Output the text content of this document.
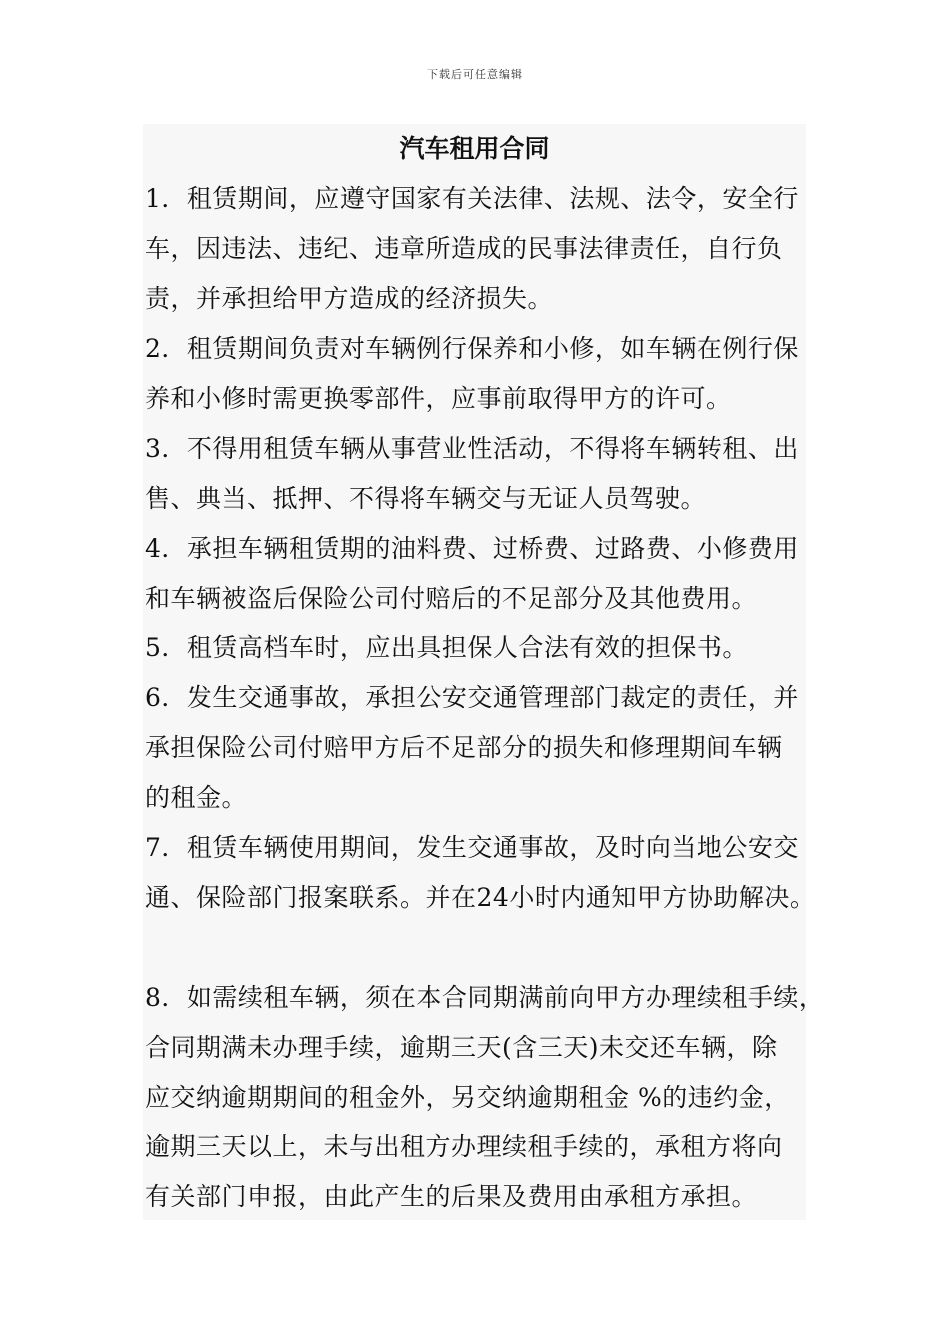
下载后可任意编辑
汽车租用合同
1．租赁期间，应遵守国家有关法律、法规、法令，安全行
车，因违法、违纪、违章所造成的民事法律责任，自行负
责，并承担给甲方造成的经济损失。
2．租赁期间负责对车辆例行保养和小修，如车辆在例行保
养和小修时需更换零部件，应事前取得甲方的许可。
3．不得用租赁车辆从事营业性活动，不得将车辆转租、出
售、典当、抵押、不得将车辆交与无证人员驾驶。
4．承担车辆租赁期的油料费、过桥费、过路费、小修费用
和车辆被盗后保险公司付赔后的不足部分及其他费用。
5．租赁高档车时，应出具担保人合法有效的担保书。
6．发生交通事故，承担公安交通管理部门裁定的责任，并
承担保险公司付赔甲方后不足部分的损失和修理期间车辆
的租金。
7．租赁车辆使用期间，发生交通事故，及时向当地公安交
通、保险部门报案联系。并在24小时内通知甲方协助解决。
8．如需续租车辆，须在本合同期满前向甲方办理续租手续，
合同期满未办理手续，逾期三天(含三天)未交还车辆，除
应交纳逾期期间的租金外，另交纳逾期租金 %的违约金，
逾期三天以上，未与出租方办理续租手续的，承租方将向
有关部门申报，由此产生的后果及费用由承租方承担。
